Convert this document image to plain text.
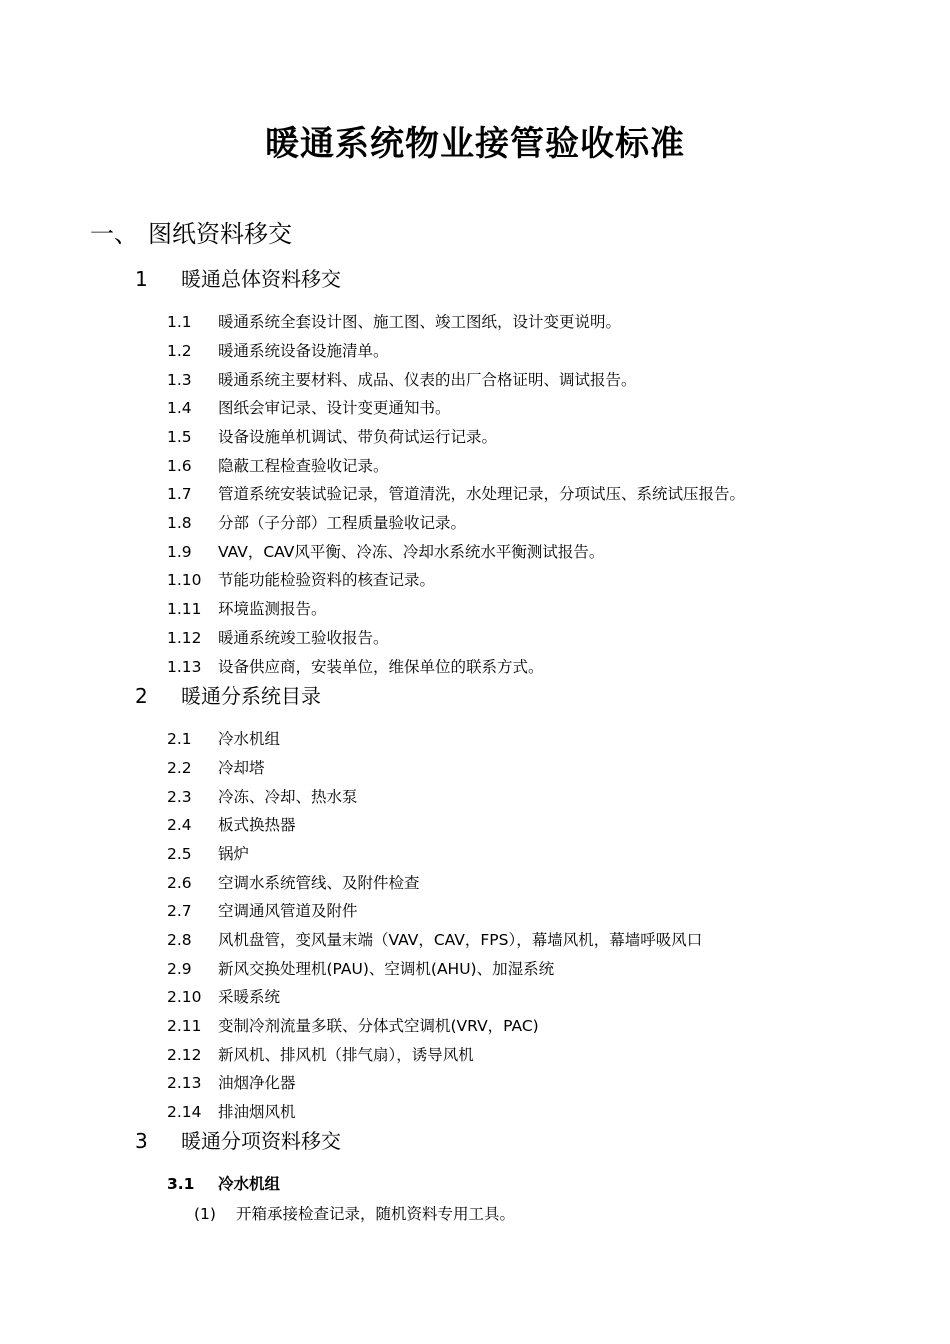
暖通系统物业接管验收标准
一、 图纸资料移交
1 暖通总体资料移交
1.1 暖通系统全套设计图、施工图、竣工图纸，设计变更说明。
1.2 暖通系统设备设施清单。
1.3 暖通系统主要材料、成品、仪表的出厂合格证明、调试报告。
1.4 图纸会审记录、设计变更通知书。
1.5 设备设施单机调试、带负荷试运行记录。
1.6 隐蔽工程检查验收记录。
1.7 管道系统安装试验记录，管道清洗，水处理记录，分项试压、系统试压报告。
1.8 分部（子分部）工程质量验收记录。
1.9 VAV，CAV风平衡、冷冻、冷却水系统水平衡测试报告。
1.10 节能功能检验资料的核查记录。
1.11 环境监测报告。
1.12 暖通系统竣工验收报告。
1.13 设备供应商，安装单位，维保单位的联系方式。
2 暖通分系统目录
2.1 冷水机组
2.2 冷却塔
2.3 冷冻、冷却、热水泵
2.4 板式换热器
2.5 锅炉
2.6 空调水系统管线、及附件检查
2.7 空调通风管道及附件
2.8 风机盘管，变风量末端（VAV，CAV，FPS），幕墙风机，幕墙呼吸风口
2.9 新风交换处理机(PAU)、空调机(AHU)、加湿系统
2.10 采暖系统
2.11 变制冷剂流量多联、分体式空调机(VRV，PAC)
2.12 新风机、排风机（排气扇），诱导风机
2.13 油烟净化器
2.14 排油烟风机
3 暖通分项资料移交
3.1 冷水机组
(1) 开箱承接检查记录，随机资料专用工具。
